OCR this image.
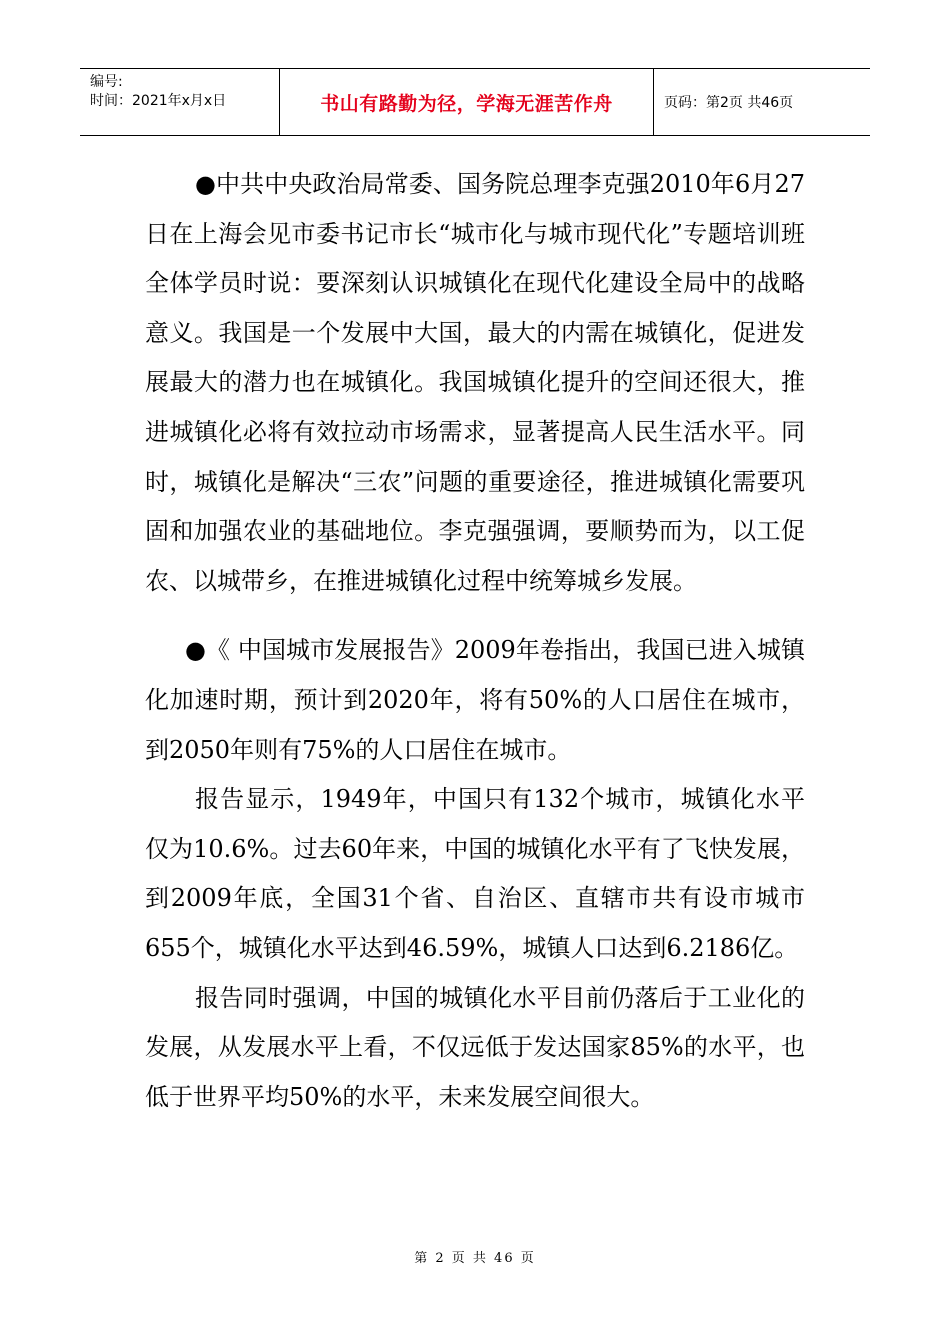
编号:
时间：2021年x月x日	书山有路勤为径，学海无涯苦作舟	页码：第2页 共46页

●中共中央政治局常委、国务院总理李克强2010年6月27日在上海会见市委书记市长“城市化与城市现代化”专题培训班全体学员时说：要深刻认识城镇化在现代化建设全局中的战略意义。我国是一个发展中大国，最大的内需在城镇化，促进发展最大的潜力也在城镇化。我国城镇化提升的空间还很大，推进城镇化必将有效拉动市场需求，显著提高人民生活水平。同时，城镇化是解决“三农”问题的重要途径，推进城镇化需要巩固和加强农业的基础地位。李克强强调，要顺势而为，以工促农、以城带乡，在推进城镇化过程中统筹城乡发展。

●《 中国城市发展报告》2009年卷指出，我国已进入城镇化加速时期，预计到2020年，将有50%的人口居住在城市，到2050年则有75%的人口居住在城市。

报告显示，1949年，中国只有132个城市，城镇化水平仅为10.6%。过去60年来，中国的城镇化水平有了飞快发展，到2009年底，全国31个省、自治区、直辖市共有设市城市655个，城镇化水平达到46.59%，城镇人口达到6.2186亿。

报告同时强调，中国的城镇化水平目前仍落后于工业化的发展，从发展水平上看，不仅远低于发达国家85%的水平，也低于世界平均50%的水平，未来发展空间很大。

第 2 页 共 46 页
